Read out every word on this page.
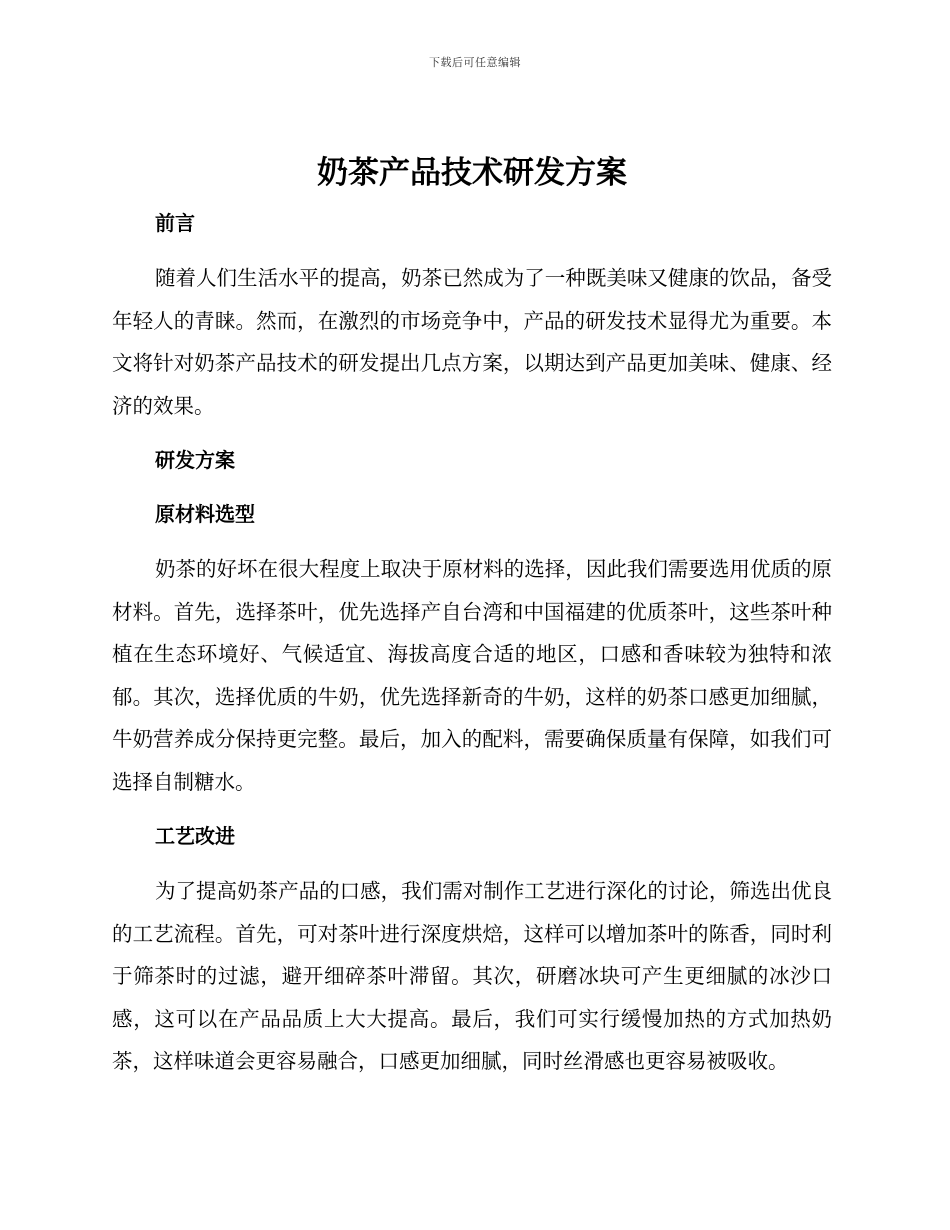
下载后可任意编辑
奶茶产品技术研发方案
前言

随着人们生活水平的提高，奶茶已然成为了一种既美味又健康的饮品，备受年轻人的青睐。然而，在激烈的市场竞争中，产品的研发技术显得尤为重要。本文将针对奶茶产品技术的研发提出几点方案，以期达到产品更加美味、健康、经济的效果。

研发方案
原材料选型

奶茶的好坏在很大程度上取决于原材料的选择，因此我们需要选用优质的原材料。首先，选择茶叶，优先选择产自台湾和中国福建的优质茶叶，这些茶叶种植在生态环境好、气候适宜、海拔高度合适的地区，口感和香味较为独特和浓郁。其次，选择优质的牛奶，优先选择新奇的牛奶，这样的奶茶口感更加细腻，牛奶营养成分保持更完整。最后，加入的配料，需要确保质量有保障，如我们可选择自制糖水。

工艺改进

为了提高奶茶产品的口感，我们需对制作工艺进行深化的讨论，筛选出优良的工艺流程。首先，可对茶叶进行深度烘焙，这样可以增加茶叶的陈香，同时利于筛茶时的过滤，避开细碎茶叶滞留。其次，研磨冰块可产生更细腻的冰沙口感，这可以在产品品质上大大提高。最后，我们可实行缓慢加热的方式加热奶茶，这样味道会更容易融合，口感更加细腻，同时丝滑感也更容易被吸收。
